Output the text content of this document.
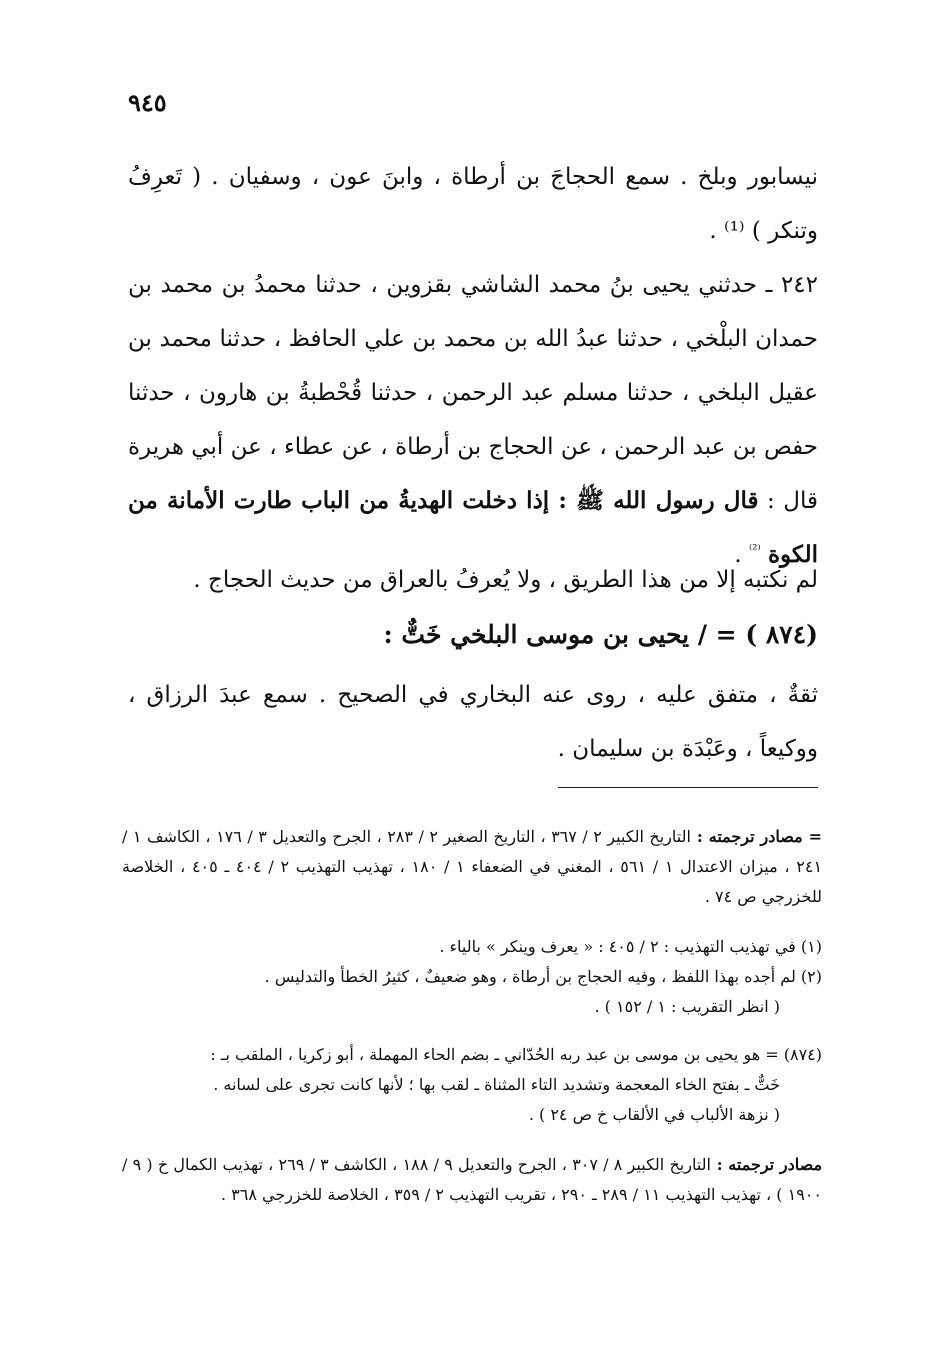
٩٤٥
نيسابور وبلخ . سمع الحجاجَ بن أرطاة ، وابنَ عون ، وسفيان . ( تَعرِفُ وتنكر ) ⁽¹⁾ .
٢٤٢ ـ حدثني يحيى بنُ محمد الشاشي بقزوين ، حدثنا محمدُ بن محمد بن حمدان البلْخي ، حدثنا عبدُ الله بن محمد بن علي الحافظ ، حدثنا محمد بن عقيل البلخي ، حدثنا مسلم عبد الرحمن ، حدثنا قُحْطبةُ بن هارون ، حدثنا حفص بن عبد الرحمن ، عن الحجاج بن أرطاة ، عن عطاء ، عن أبي هريرة قال : قال رسول الله ﷺ : إذا دخلت الهديةُ من الباب طارت الأمانة من الكوة $^{^{(2)}}$ .
لم نكتبه إلا من هذا الطريق ، ولا يُعرفُ بالعراق من حديث الحجاج .
(٨٧٤ ) = / يحيى بن موسى البلخي خَتٌّ :
ثقةٌ ، متفق عليه ، روى عنه البخاري في الصحيح . سمع عبدَ الرزاق ، ووكيعاً ، وعَبْدَة بن سليمان .
= مصادر ترجمته : التاريخ الكبير ٢ / ٣٦٧ ، التاريخ الصغير ٢ / ٢٨٣ ، الجرح والتعديل ٣ / ١٧٦ ، الكاشف ١ / ٢٤١ ، ميزان الاعتدال ١ / ٥٦١ ، المغني في الضعفاء ١ / ١٨٠ ، تهذيب التهذيب ٢ / ٤٠٤ ـ ٤٠٥ ، الخلاصة للخزرجي ص ٧٤ .
(١) في تهذيب التهذيب : ٢ / ٤٠٥ : « يعرف وينكر » بالياء .

(٢) لم أجده بهذا اللفظ ، وفيه الحجاج بن أرطاة ، وهو ضعيفٌ ، كثيرُ الخطأ والتدليس .

( انظر التقريب : ١ / ١٥٢ ) .

(٨٧٤) = هو يحيى بن موسى بن عبد ربه الحُدّاني ـ بضم الحاء المهملة ، أبو زكريا ، الملقب بـ :

خَتٌّ ـ بفتح الخاء المعجمة وتشديد التاء المثناة ـ لقب بها ؛ لأنها كانت تجرى على لسانه .

( نزهة الألباب في الألقاب خ ص ٢٤ ) .

مصادر ترجمته : التاريخ الكبير ٨ / ٣٠٧ ، الجرح والتعديل ٩ / ١٨٨ ، الكاشف ٣ / ٢٦٩ ، تهذيب الكمال خ ( ٩ / ١٩٠٠ ) ، تهذيب التهذيب ١١ / ٢٨٩ ـ ٢٩٠ ، تقريب التهذيب ٢ / ٣٥٩ ، الخلاصة للخزرجي ٣٦٨ .
